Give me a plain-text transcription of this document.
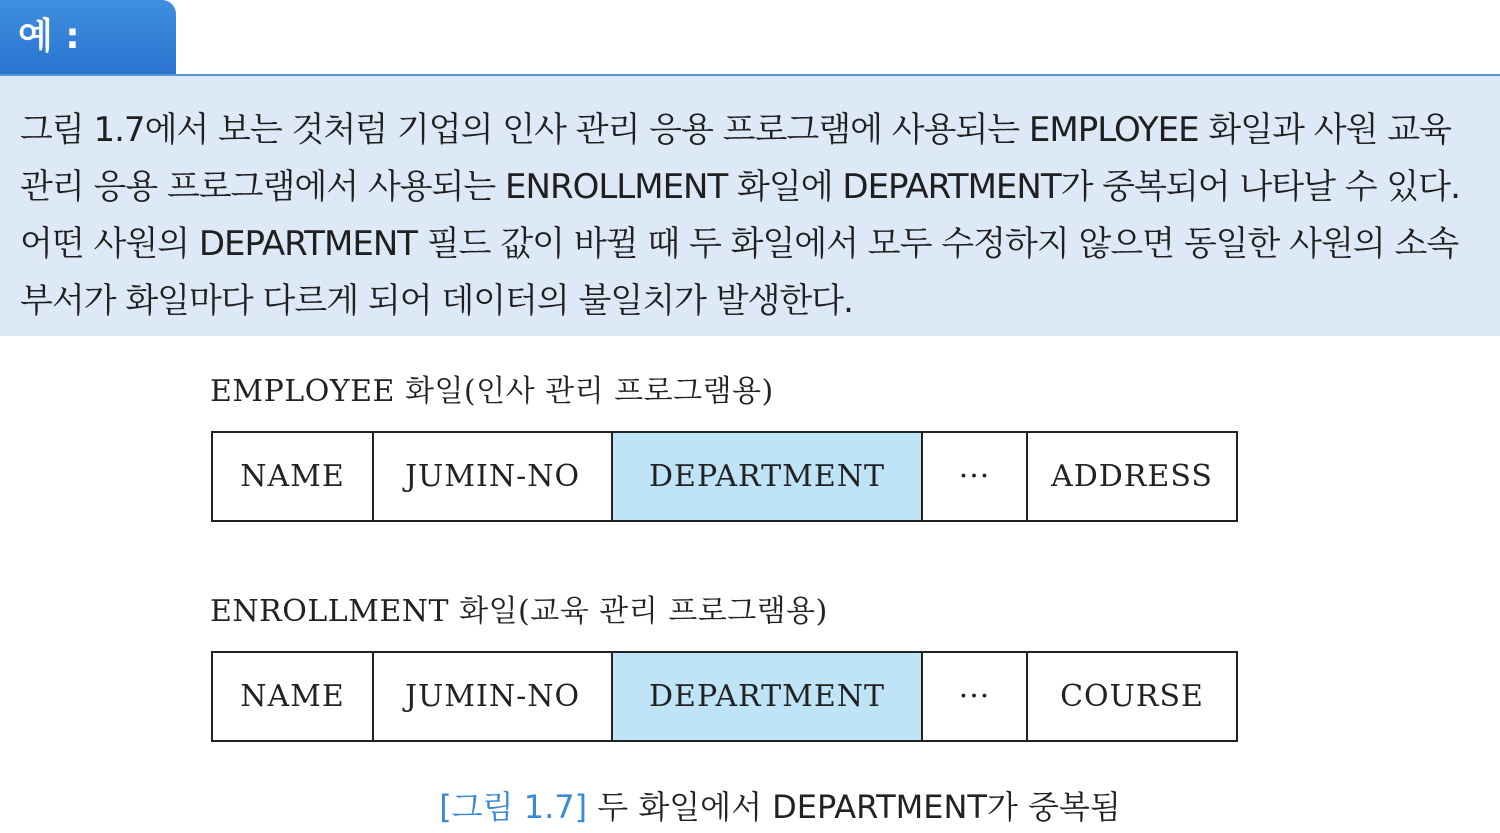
예 :

그림 1.7에서 보는 것처럼 기업의 인사 관리 응용 프로그램에 사용되는 EMPLOYEE 화일과 사원 교육 관리 응용 프로그램에서 사용되는 ENROLLMENT 화일에 DEPARTMENT가 중복되어 나타날 수 있다. 어떤 사원의 DEPARTMENT 필드 값이 바뀔 때 두 화일에서 모두 수정하지 않으면 동일한 사원의 소속 부서가 화일마다 다르게 되어 데이터의 불일치가 발생한다.

EMPLOYEE 화일(인사 관리 프로그램용)
NAME	JUMIN-NO	DEPARTMENT	···	ADDRESS
ENROLLMENT 화일(교육 관리 프로그램용)
NAME	JUMIN-NO	DEPARTMENT	···	COURSE
[그림 1.7] 두 화일에서 DEPARTMENT가 중복됨
